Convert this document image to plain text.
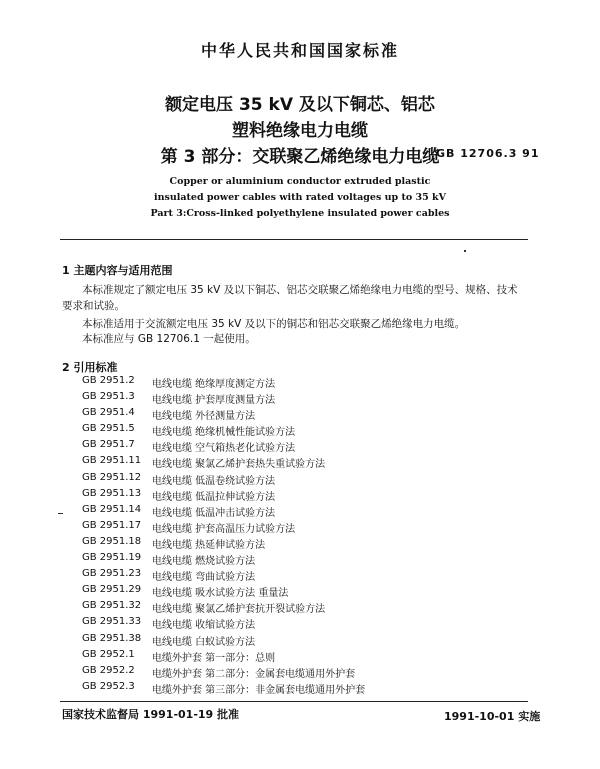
中华人民共和国国家标准
额定电压 35 kV 及以下铜芯、铝芯
塑料绝缘电力电缆
第 3 部分：交联聚乙烯绝缘电力电缆
GB 12706.3 91
Copper or aluminium conductor extruded plastic
insulated power cables with rated voltages up to 35 kV
Part 3:Cross-linked polyethylene insulated power cables
1 主题内容与适用范围
本标准规定了额定电压 35 kV 及以下铜芯、铝芯交联聚乙烯绝缘电力电缆的型号、规格、技术要求和试验。
本标准适用于交流额定电压 35 kV 及以下的铜芯和铝芯交联聚乙烯绝缘电力电缆。
本标准应与 GB 12706.1 一起使用。
2 引用标准
GB 2951.2	电线电缆 绝缘厚度测定方法
GB 2951.3	电线电缆 护套厚度测量方法
GB 2951.4	电线电缆 外径测量方法
GB 2951.5	电线电缆 绝缘机械性能试验方法
GB 2951.7	电线电缆 空气箱热老化试验方法
GB 2951.11	电线电缆 聚氯乙烯护套热失重试验方法
GB 2951.12	电线电缆 低温卷绕试验方法
GB 2951.13	电线电缆 低温拉伸试验方法
GB 2951.14	电线电缆 低温冲击试验方法
GB 2951.17	电线电缆 护套高温压力试验方法
GB 2951.18	电线电缆 热延伸试验方法
GB 2951.19	电线电缆 燃烧试验方法
GB 2951.23	电线电缆 弯曲试验方法
GB 2951.29	电线电缆 吸水试验方法 重量法
GB 2951.32	电线电缆 聚氯乙烯护套抗开裂试验方法
GB 2951.33	电线电缆 收缩试验方法
GB 2951.38	电线电缆 白蚁试验方法
GB 2952.1	电缆外护套 第一部分：总则
GB 2952.2	电缆外护套 第二部分：金属套电缆通用外护套
GB 2952.3	电缆外护套 第三部分：非金属套电缆通用外护套
国家技术监督局 1991-01-19 批准	1991-10-01 实施
